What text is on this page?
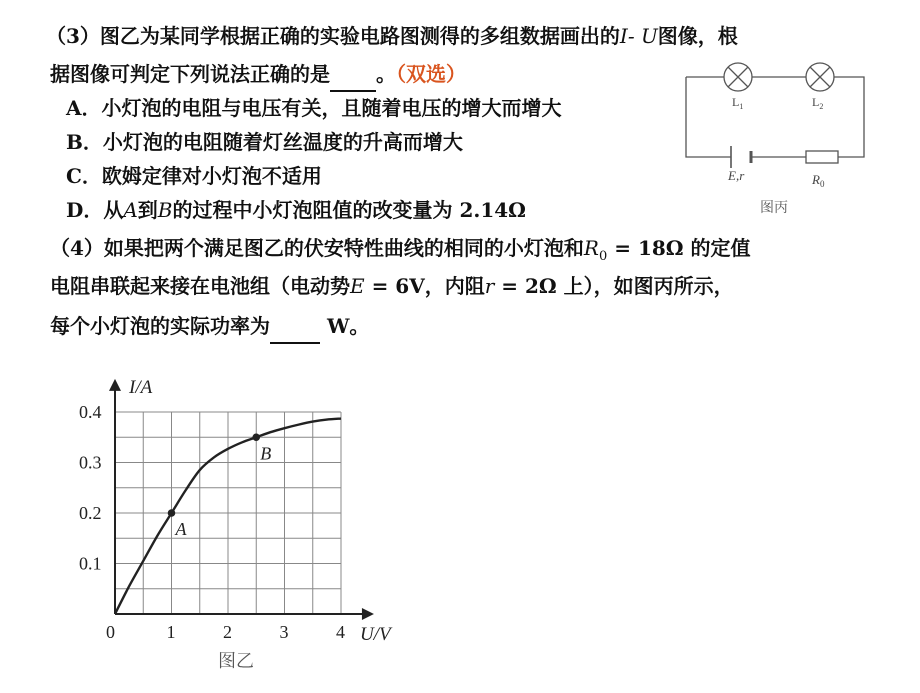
（3）图乙为某同学根据正确的实验电路图测得的多组数据画出的I- U图像，根
据图像可判定下列说法正确的是 。（双选）
A．小灯泡的电阻与电压有关，且随着电压的增大而增大
B．小灯泡的电阻随着灯丝温度的升高而增大
C．欧姆定律对小灯泡不适用
D．从A到B的过程中小灯泡阻值的改变量为 2.14Ω
（4）如果把两个满足图乙的伏安特性曲线的相同的小灯泡和$R_0 = 18\Omega$ 的定值
电阻串联起来接在电池组（电动势E = 6V，内阻r = 2Ω 上），如图丙所示，
每个小灯泡的实际功率为	W。
$L_1$	$L_2$
E,r	$R_0$
图丙
0	1	2	3	4
0.1
0.2
0.3
0.4
A
B
I/A
U/V
图乙
